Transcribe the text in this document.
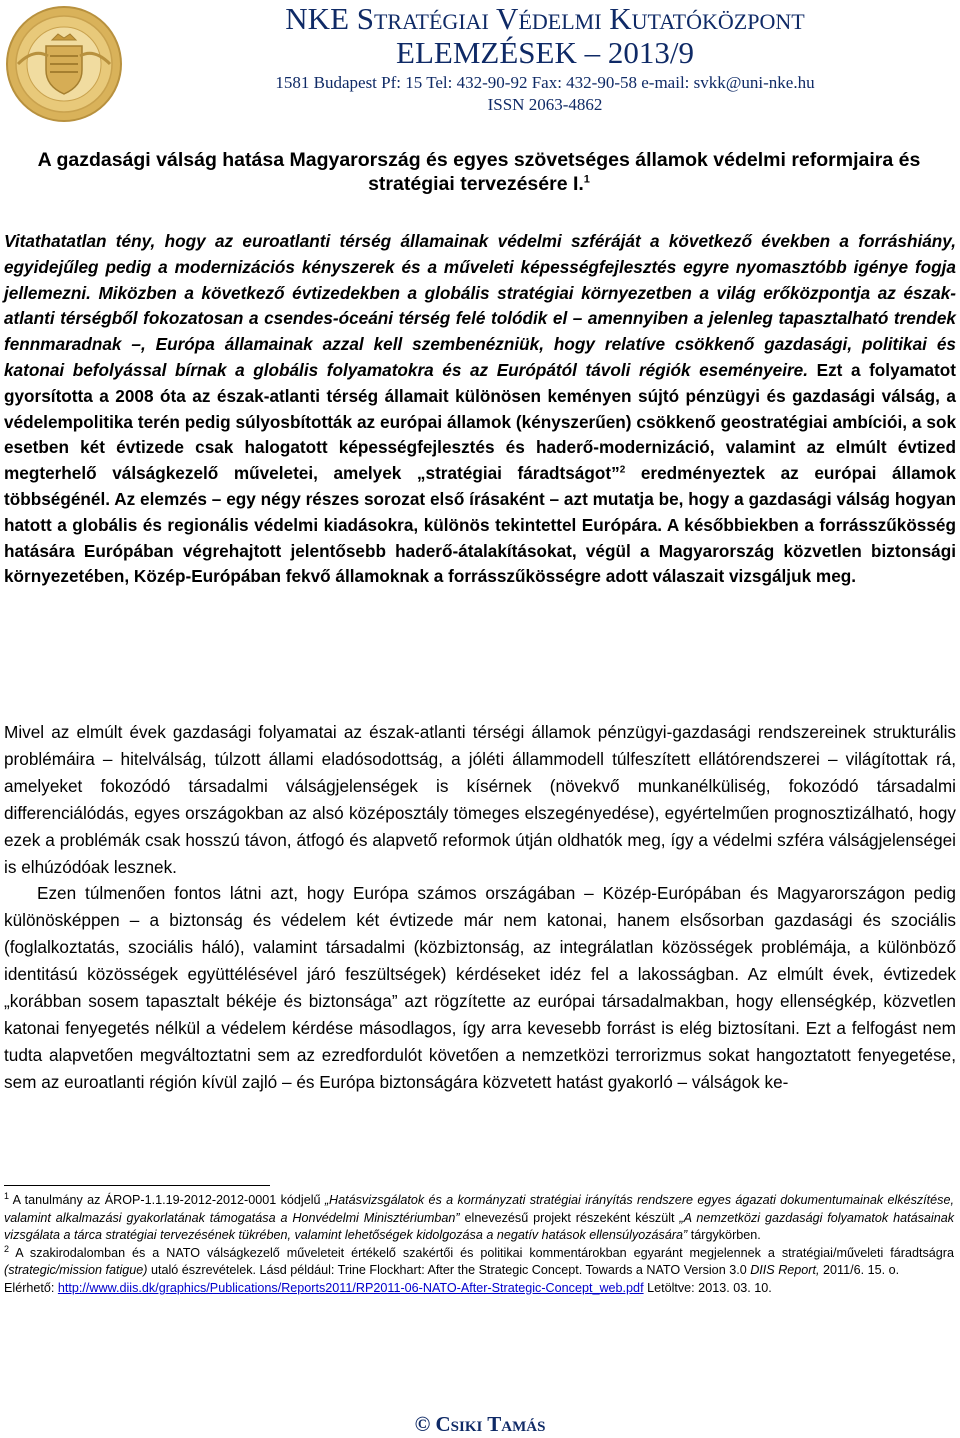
NKE Stratégiai Védelmi Kutatóközpont
ELEMZÉSEK – 2013/9
1581 Budapest Pf: 15 Tel: 432-90-92 Fax: 432-90-58 e-mail: svkk@uni-nke.hu
ISSN 2063-4862
A gazdasági válság hatása Magyarország és egyes szövetséges államok védelmi reformjaira és stratégiai tervezésére I.$^1$

Vitathatatlan tény, hogy az euroatlanti térség államainak védelmi szféráját a következő években a forráshiány, egyidejűleg pedig a modernizációs kényszerek és a műveleti képességfejlesztés egyre nyomasztóbb igénye fogja jellemezni. Miközben a következő évtizedekben a globális stratégiai környezetben a világ erőközpontja az észak-atlanti térségből fokozatosan a csendes-óceáni térség felé tolódik el – amennyiben a jelenleg tapasztalható trendek fennmaradnak –, Európa államainak azzal kell szembenézniük, hogy relatíve csökkenő gazdasági, politikai és katonai befolyással bírnak a globális folyamatokra és az Európától távoli régiók eseményeire. Ezt a folyamatot gyorsította a 2008 óta az észak-atlanti térség államait különösen keményen sújtó pénzügyi és gazdasági válság, a védelempolitika terén pedig súlyosbították az európai államok (kényszerűen) csökkenő geostratégiai ambíciói, a sok esetben két évtizede csak halogatott képességfejlesztés és haderő-modernizáció, valamint az elmúlt évtized megterhelő válságkezelő műveletei, amelyek „stratégiai fáradtságot”$^2$ eredményeztek az európai államok többségénél. Az elemzés – egy négy részes sorozat első írásaként – azt mutatja be, hogy a gazdasági válság hogyan hatott a globális és regionális védelmi kiadásokra, különös tekintettel Európára. A későbbiekben a forrásszűkösség hatására Európában végrehajtott jelentősebb haderő-átalakításokat, végül a Magyarország közvetlen biztonsági környezetében, Közép-Európában fekvő államoknak a forrásszűkösségre adott válaszait vizsgáljuk meg.

Mivel az elmúlt évek gazdasági folyamatai az észak-atlanti térségi államok pénzügyi-gazdasági rendszereinek strukturális problémáira – hitelválság, túlzott állami eladósodottság, a jóléti állammodell túlfeszített ellátórendszerei – világítottak rá, amelyeket fokozódó társadalmi válságjelenségek is kísérnek (növekvő munkanélküliség, fokozódó társadalmi differenciálódás, egyes országokban az alsó középosztály tömeges elszegényedése), egyértelműen prognosztizálható, hogy ezek a problémák csak hosszú távon, átfogó és alapvető reformok útján oldhatók meg, így a védelmi szféra válságjelenségei is elhúzódóak lesznek.

Ezen túlmenően fontos látni azt, hogy Európa számos országában – Közép-Európában és Magyarországon pedig különösképpen – a biztonság és védelem két évtizede már nem katonai, hanem elsősorban gazdasági és szociális (foglalkoztatás, szociális háló), valamint társadalmi (közbiztonság, az integrálatlan közösségek problémája, a különböző identitású közösségek együttélésével járó feszültségek) kérdéseket idéz fel a lakosságban. Az elmúlt évek, évtizedek „korábban sosem tapasztalt békéje és biztonsága” azt rögzítette az európai társadalmakban, hogy ellenségkép, közvetlen katonai fenyegetés nélkül a védelem kérdése másodlagos, így arra kevesebb forrást is elég biztosítani. Ezt a felfogást nem tudta alapvetően megváltoztatni sem az ezredfordulót követően a nemzetközi terrorizmus sokat hangoztatott fenyegetése, sem az euroatlanti régión kívül zajló – és Európa biztonságára közvetett hatást gyakorló – válságok ke-

$^1$ A tanulmány az ÁROP-1.1.19-2012-2012-0001 kódjelű „Hatásvizsgálatok és a kormányzati stratégiai irányítás rendszere egyes ágazati dokumentumainak elkészítése, valamint alkalmazási gyakorlatának támogatása a Honvédelmi Minisztériumban” elnevezésű projekt részeként készült „A nemzetközi gazdasági folyamatok hatásainak vizsgálata a tárca stratégiai tervezésének tükrében, valamint lehetőségek kidolgozása a negatív hatások ellensúlyozására” tárgykörben.

$^2$ A szakirodalomban és a NATO válságkezelő műveleteit értékelő szakértői és politikai kommentárokban egyaránt megjelennek a stratégiai/műveleti fáradtságra (strategic/mission fatigue) utaló észrevételek. Lásd például: Trine Flockhart: After the Strategic Concept. Towards a NATO Version 3.0 DIIS Report, 2011/6. 15. o.

Elérhető: http://www.diis.dk/graphics/Publications/Reports2011/RP2011-06-NATO-After-Strategic-Concept_web.pdf Letöltve: 2013. 03. 10.

© Csiki Tamás
